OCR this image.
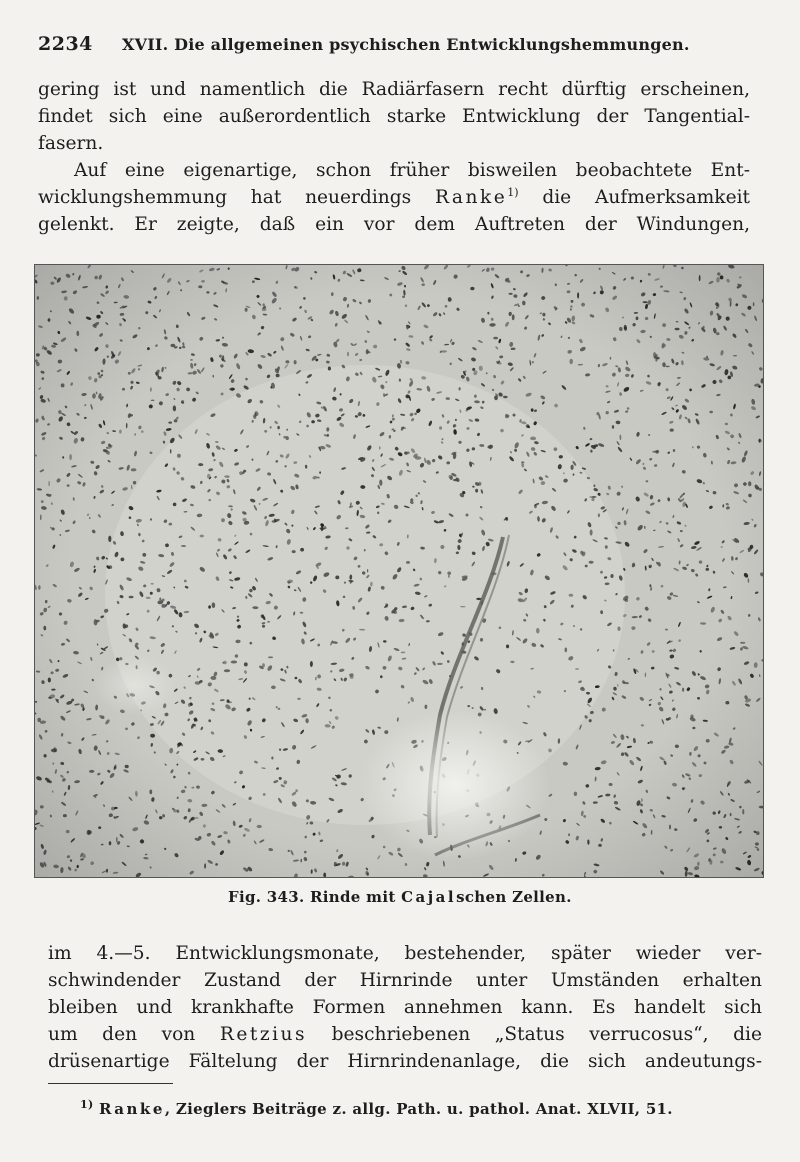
2234 XVII. Die allgemeinen psychischen Entwicklungshemmungen.
gering ist und namentlich die Radiärfasern recht dürftig erscheinen,
findet sich eine außerordentlich starke Entwicklung der Tangential-
fasern.
Auf eine eigenartige, schon früher bisweilen beobachtete Ent-
wicklungshemmung hat neuerdings Ranke$^{1)}$ die Aufmerksamkeit
gelenkt. Er zeigte, daß ein vor dem Auftreten der Windungen,
Fig. 343. Rinde mit Cajalschen Zellen.
im 4.—5. Entwicklungsmonate, bestehender, später wieder ver-
schwindender Zustand der Hirnrinde unter Umständen erhalten
bleiben und krankhafte Formen annehmen kann. Es handelt sich
um den von Retzius beschriebenen „Status verrucosus“, die
drüsenartige Fältelung der Hirnrindenanlage, die sich andeutungs-
$^{1)}$ Ranke, Zieglers Beiträge z. allg. Path. u. pathol. Anat. XLVII, 51.
